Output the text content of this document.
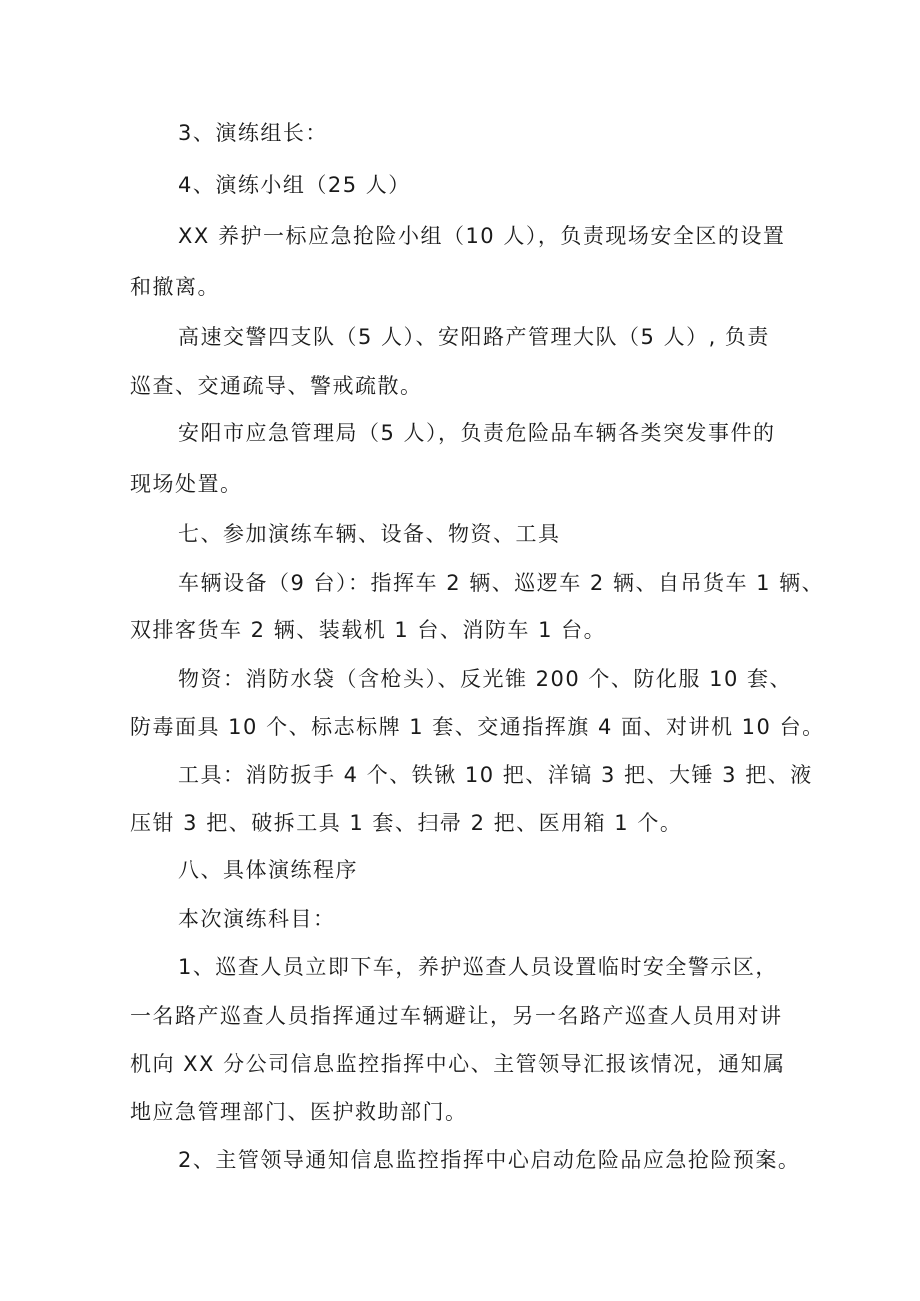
3、演练组长：
4、演练小组（25 人）
XX 养护一标应急抢险小组（10 人），负责现场安全区的设置
和撤离。
高速交警四支队（5 人）、安阳路产管理大队（5 人）, 负责
巡查、交通疏导、警戒疏散。
安阳市应急管理局（5 人），负责危险品车辆各类突发事件的
现场处置。
七、参加演练车辆、设备、物资、工具
车辆设备（9 台）：指挥车 2 辆、巡逻车 2 辆、自吊货车 1 辆、
双排客货车 2 辆、装载机 1 台、消防车 1 台。
物资：消防水袋（含枪头）、反光锥 200 个、防化服 10 套、
防毒面具 10 个、标志标牌 1 套、交通指挥旗 4 面、对讲机 10 台。
工具：消防扳手 4 个、铁锹 10 把、洋镐 3 把、大锤 3 把、液
压钳 3 把、破拆工具 1 套、扫帚 2 把、医用箱 1 个。
八、具体演练程序
本次演练科目：
1、巡查人员立即下车，养护巡查人员设置临时安全警示区，
一名路产巡查人员指挥通过车辆避让，另一名路产巡查人员用对讲
机向 XX 分公司信息监控指挥中心、主管领导汇报该情况，通知属
地应急管理部门、医护救助部门。
2、主管领导通知信息监控指挥中心启动危险品应急抢险预案。
